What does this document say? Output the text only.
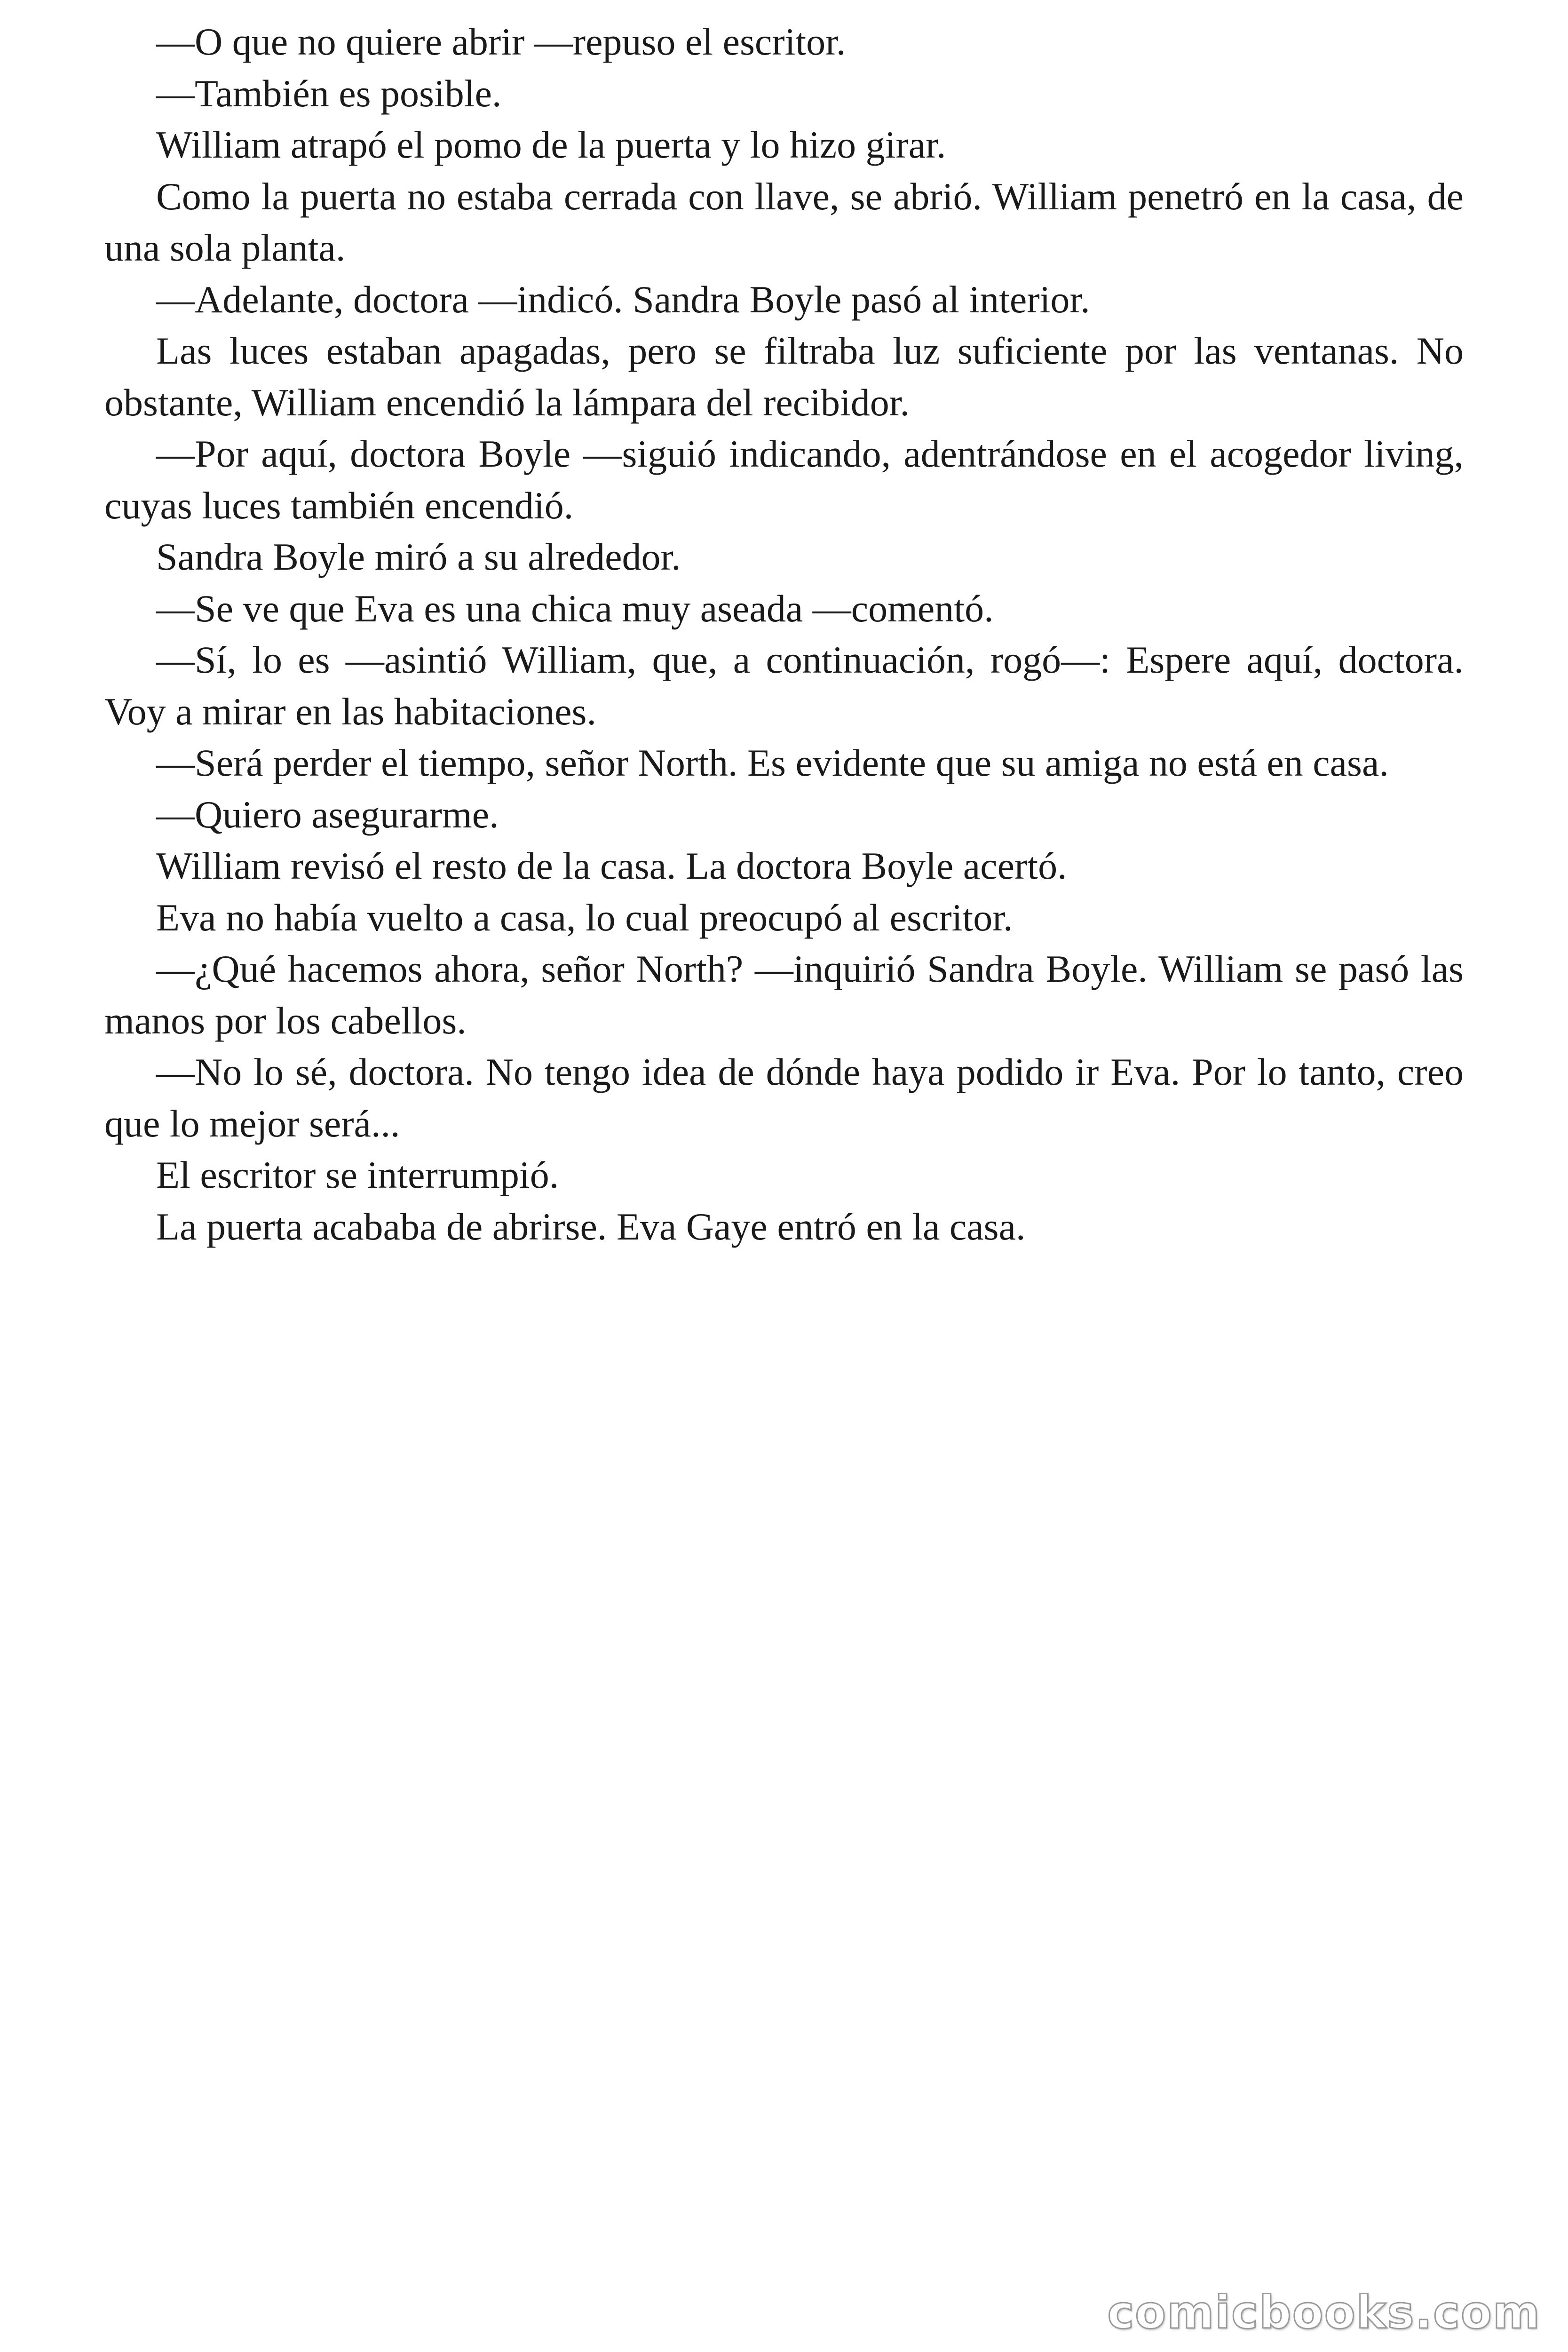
—O que no quiere abrir —repuso el escritor.

—También es posible.

William atrapó el pomo de la puerta y lo hizo girar.

Como la puerta no estaba cerrada con llave, se abrió. William penetró en la casa, de una sola planta.

—Adelante, doctora —indicó. Sandra Boyle pasó al interior.

Las luces estaban apagadas, pero se filtraba luz suficiente por las ventanas. No obstante, William encendió la lámpara del recibidor.

—Por aquí, doctora Boyle —siguió indicando, adentrándose en el acogedor living, cuyas luces también encendió.

Sandra Boyle miró a su alrededor.

—Se ve que Eva es una chica muy aseada —comentó.

—Sí, lo es —asintió William, que, a continuación, rogó—: Espere aquí, doctora. Voy a mirar en las habitaciones.

—Será perder el tiempo, señor North. Es evidente que su amiga no está en casa.

—Quiero asegurarme.

William revisó el resto de la casa. La doctora Boyle acertó.

Eva no había vuelto a casa, lo cual preocupó al escritor.

—¿Qué hacemos ahora, señor North? —inquirió Sandra Boyle. William se pasó las manos por los cabellos.

—No lo sé, doctora. No tengo idea de dónde haya podido ir Eva. Por lo tanto, creo que lo mejor será...

El escritor se interrumpió.

La puerta acababa de abrirse. Eva Gaye entró en la casa.

comicbooks.com
